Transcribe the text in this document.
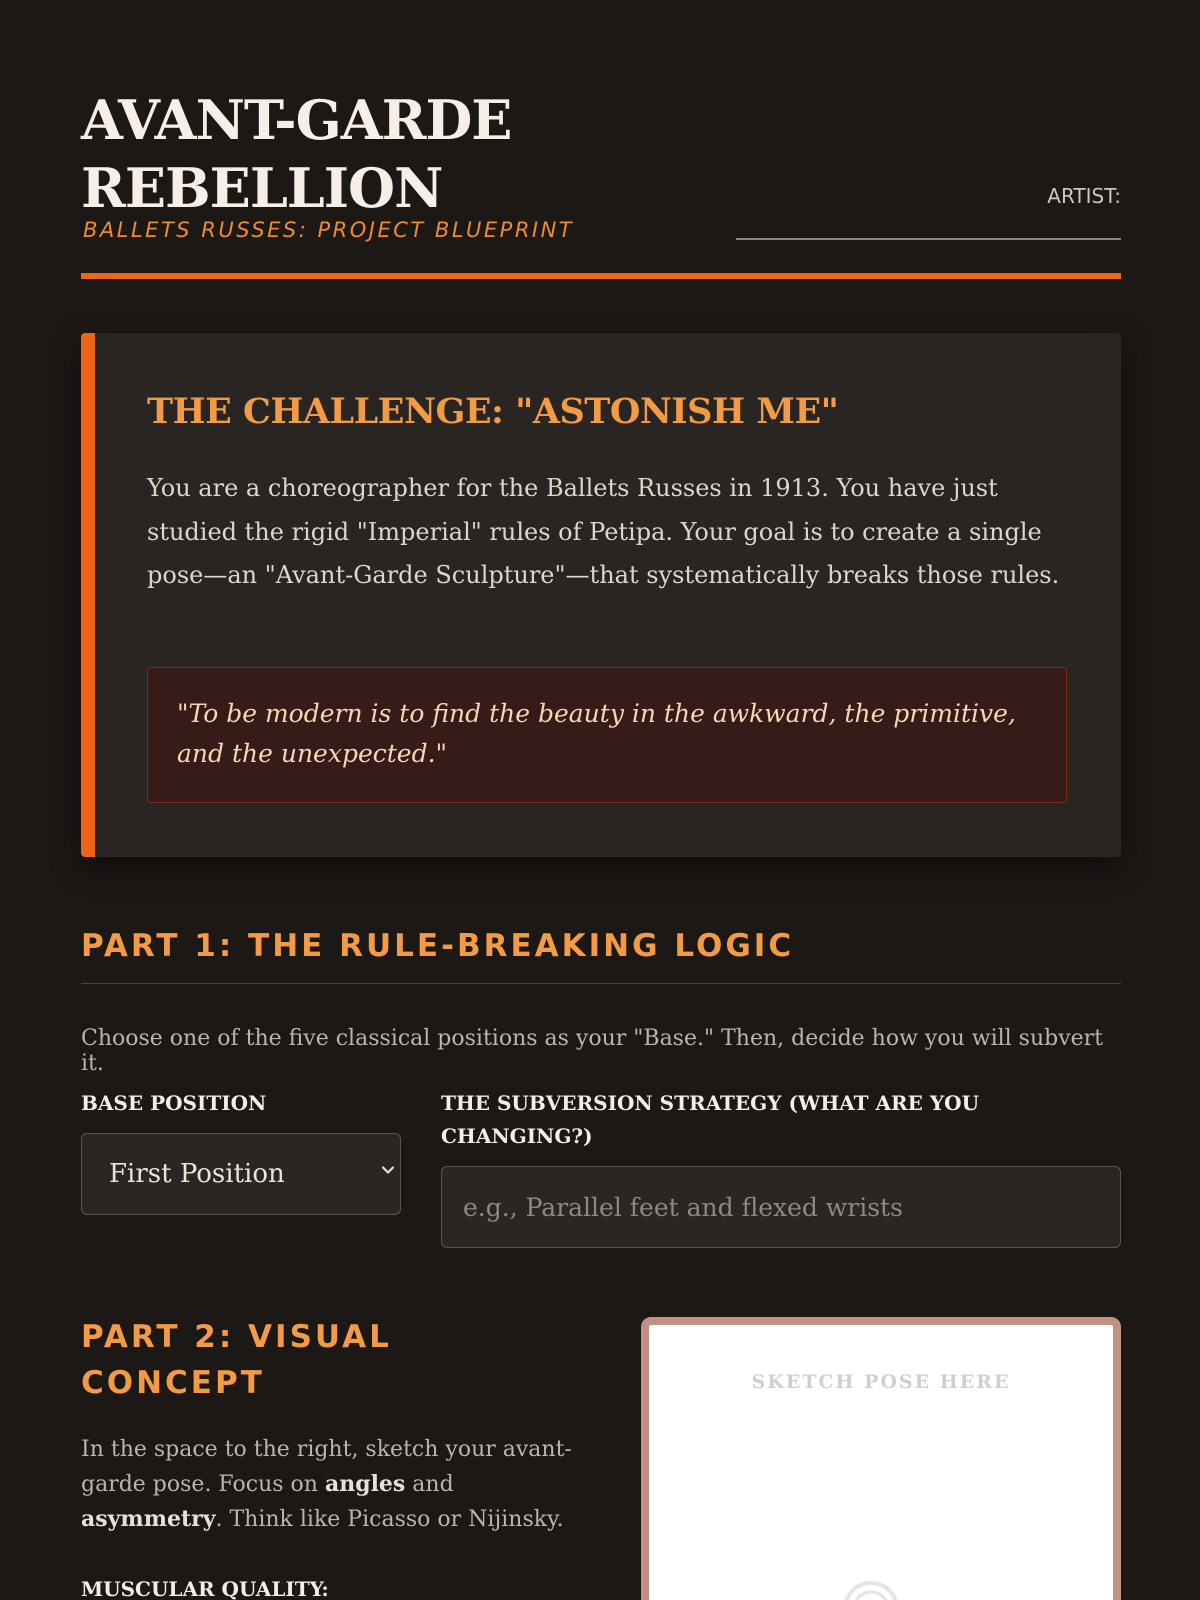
AVANT-GARDE
REBELLION
BALLETS RUSSES: PROJECT BLUEPRINT
ARTIST:
THE CHALLENGE: "ASTONISH ME"

You are a choreographer for the Ballets Russes in 1913. You have just studied the rigid "Imperial" rules of Petipa. Your goal is to create a single pose—an "Avant-Garde Sculpture"—that systematically breaks those rules.

"To be modern is to find the beauty in the awkward, the primitive, and the unexpected."

PART 1: THE RULE-BREAKING LOGIC

Choose one of the five classical positions as your "Base." Then, decide how you will subvert it.

BASE POSITION
First Position
THE SUBVERSION STRATEGY (WHAT ARE YOU CHANGING?)
e.g., Parallel feet and flexed wrists
PART 2: VISUAL CONCEPT

In the space to the right, sketch your avant-garde pose. Focus on angles and asymmetry. Think like Picasso or Nijinsky.

MUSCULAR QUALITY:
SKETCH POSE HERE
